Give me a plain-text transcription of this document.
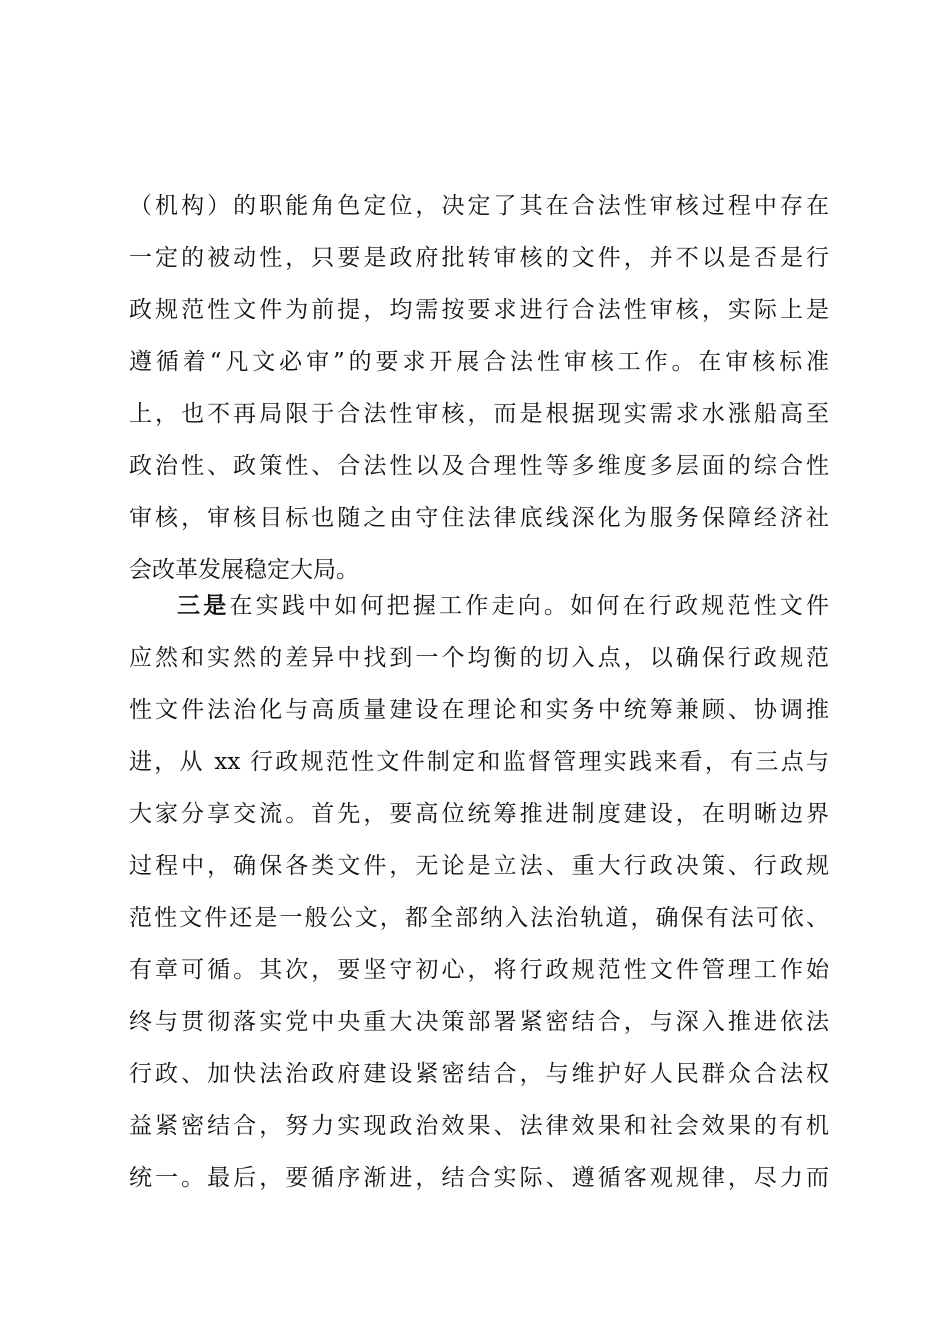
（机构）的职能角色定位，决定了其在合法性审核过程中存在
一定的被动性，只要是政府批转审核的文件，并不以是否是行
政规范性文件为前提，均需按要求进行合法性审核，实际上是
遵循着“凡文必审”的要求开展合法性审核工作。在审核标准
上，也不再局限于合法性审核，而是根据现实需求水涨船高至
政治性、政策性、合法性以及合理性等多维度多层面的综合性
审核，审核目标也随之由守住法律底线深化为服务保障经济社
会改革发展稳定大局。
三是在实践中如何把握工作走向。如何在行政规范性文件
应然和实然的差异中找到一个均衡的切入点，以确保行政规范
性文件法治化与高质量建设在理论和实务中统筹兼顾、协调推
进，从 xx 行政规范性文件制定和监督管理实践来看，有三点与
大家分享交流。首先，要高位统筹推进制度建设，在明晰边界
过程中，确保各类文件，无论是立法、重大行政决策、行政规
范性文件还是一般公文，都全部纳入法治轨道，确保有法可依、
有章可循。其次，要坚守初心，将行政规范性文件管理工作始
终与贯彻落实党中央重大决策部署紧密结合，与深入推进依法
行政、加快法治政府建设紧密结合，与维护好人民群众合法权
益紧密结合，努力实现政治效果、法律效果和社会效果的有机
统一。最后，要循序渐进，结合实际、遵循客观规律，尽力而
